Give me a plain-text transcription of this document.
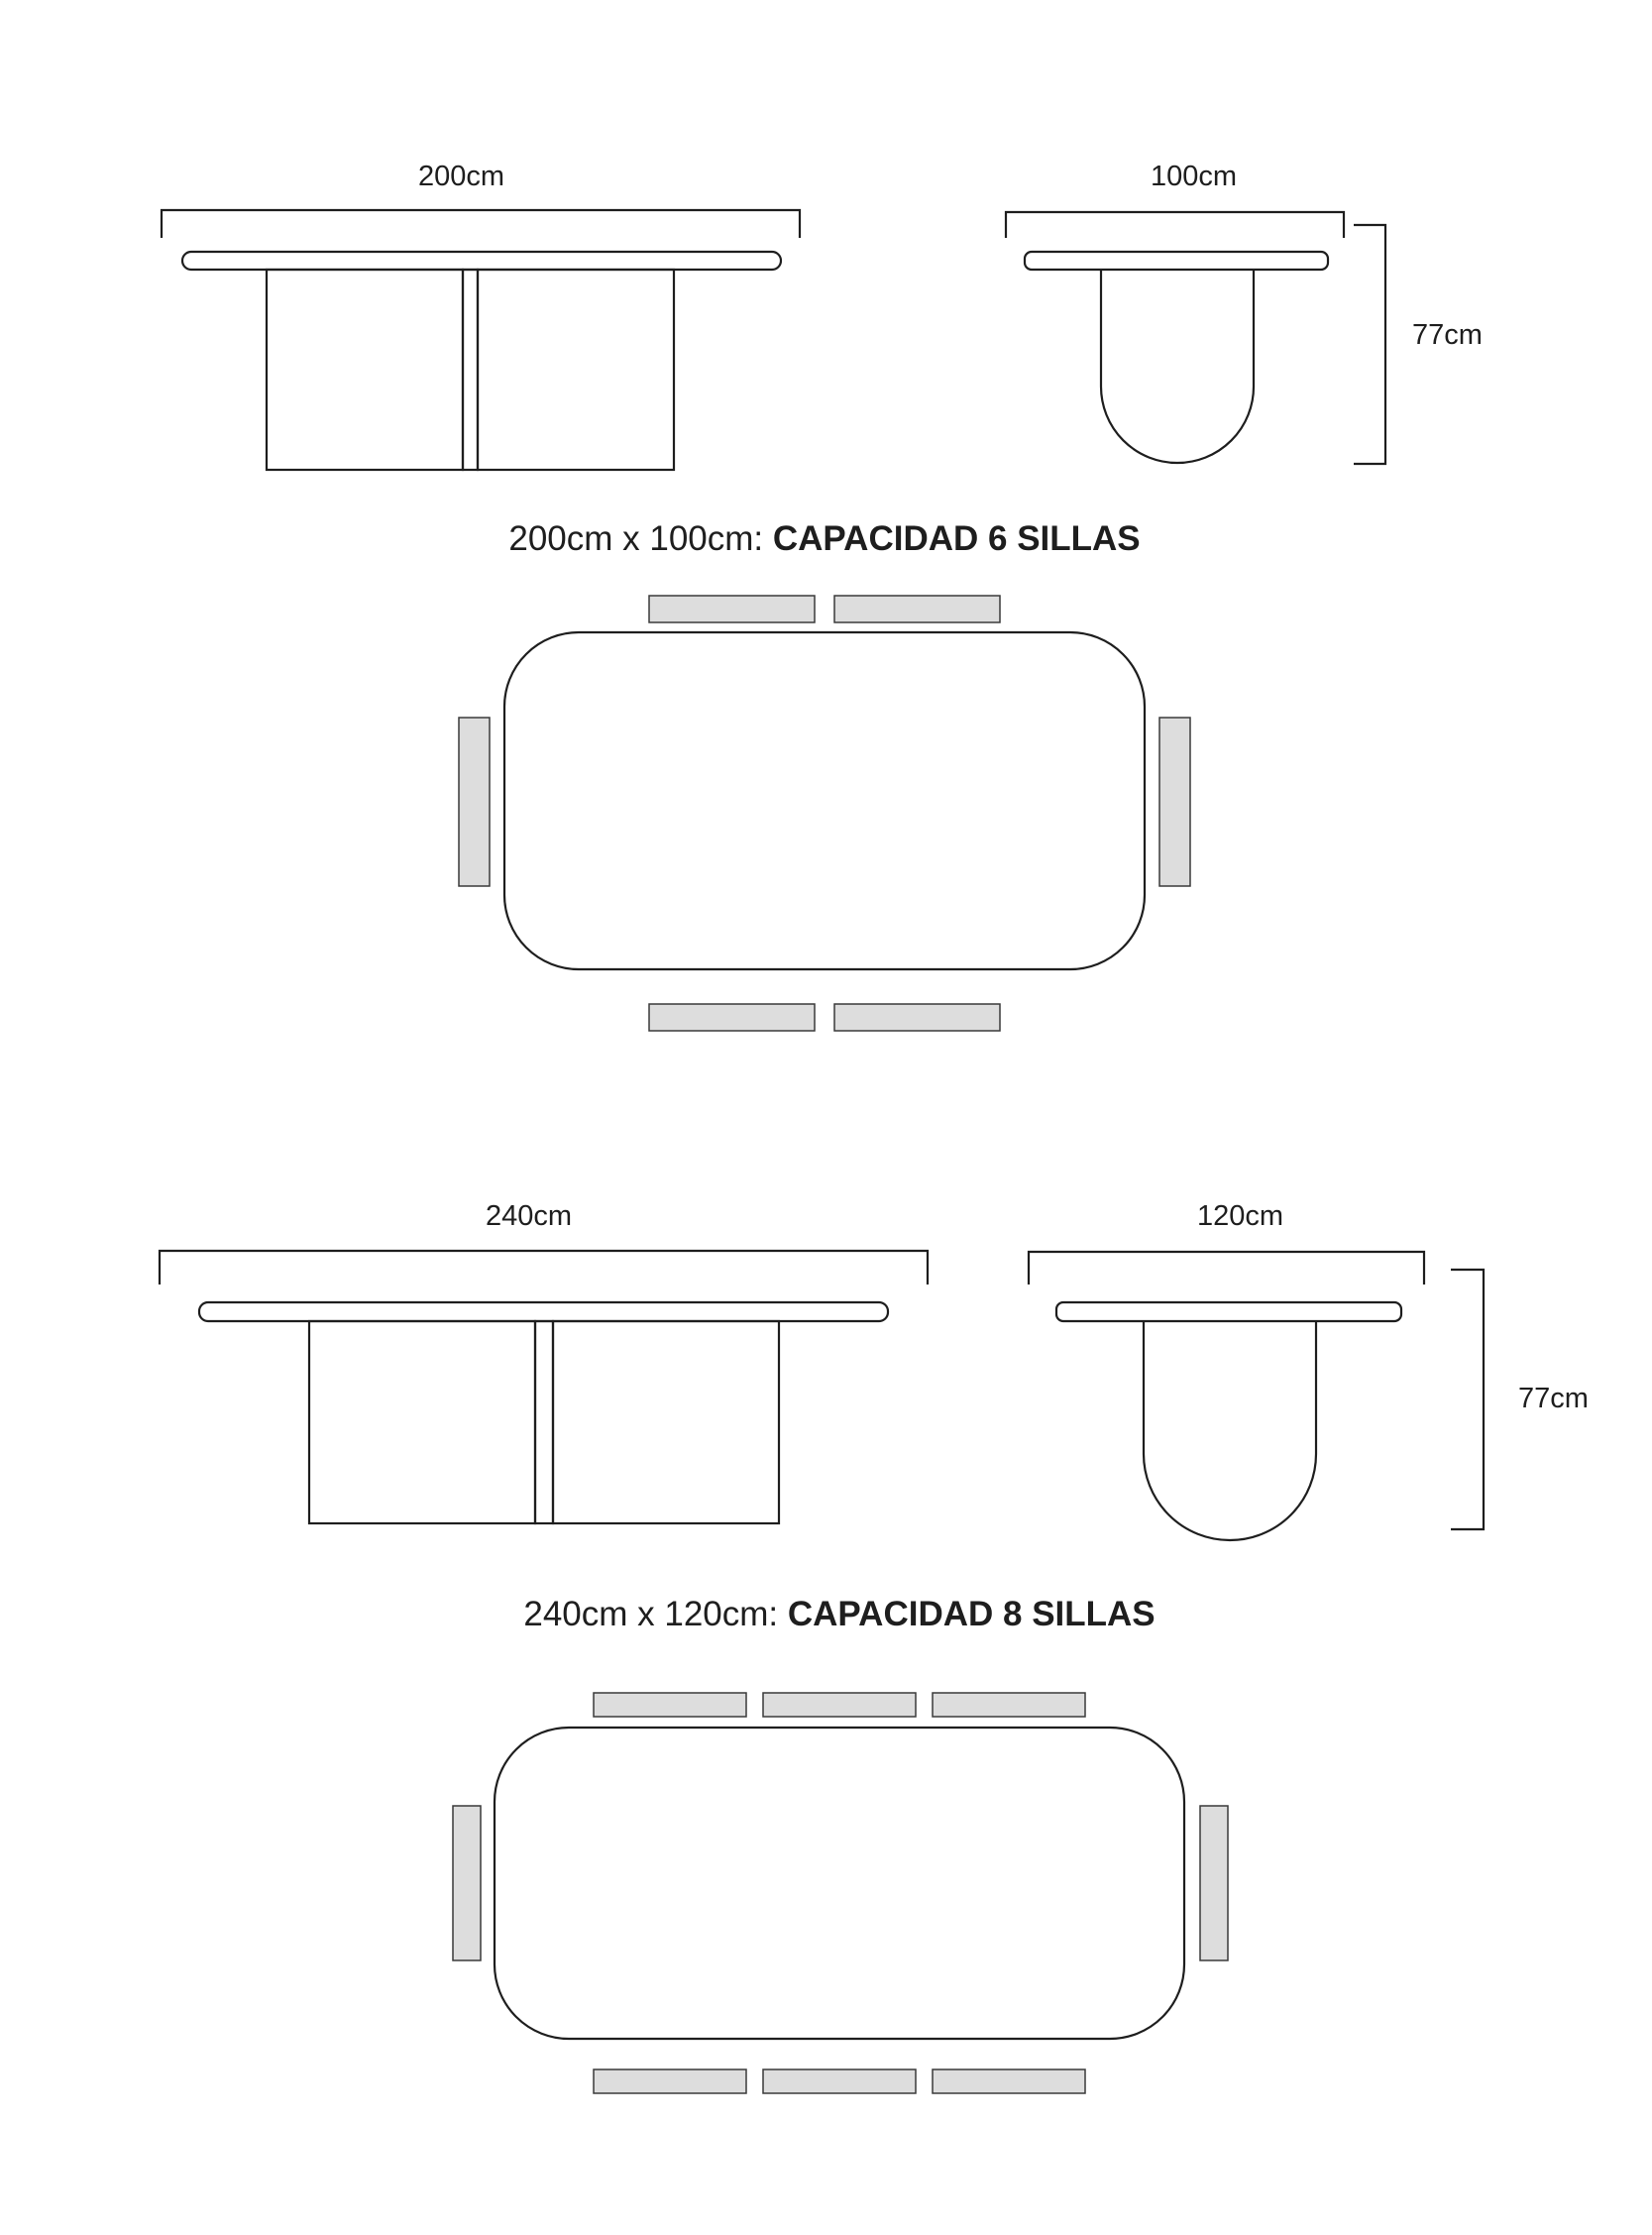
200cm	100cm
77cm
200cm x 100cm: CAPACIDAD 6 SILLAS
240cm	120cm
77cm
240cm x 120cm: CAPACIDAD 8 SILLAS
